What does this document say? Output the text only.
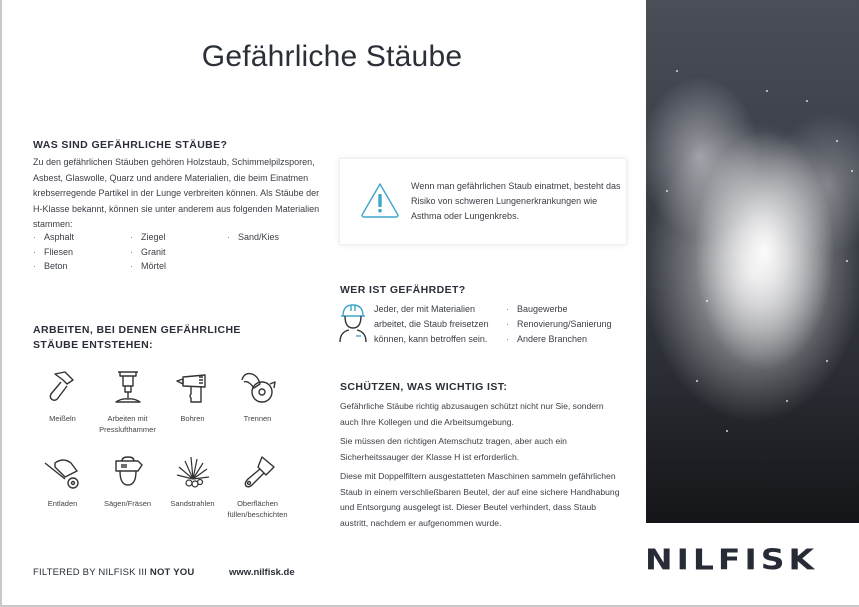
Gefährliche Stäube
WAS SIND GEFÄHRLICHE STÄUBE?
Zu den gefährlichen Stäuben gehören Holzstaub, Schimmelpilzsporen, Asbest, Glaswolle, Quarz und andere Materialien, die beim Einatmen krebserregende Partikel in der Lunge verbreiten können. Als Stäube der H-Klasse bekannt, können sie unter anderem aus folgenden Materialien stammen:
· Asphalt	· Ziegel	· Sand/Kies
· Fliesen	· Granit
· Beton	· Mörtel
ARBEITEN, BEI DENEN GEFÄHRLICHE STÄUBE ENTSTEHEN:
Meißeln	Arbeiten mit Presslufthammer
Bohren	Trennen
Entladen	Sägen/Fräsen	Sandstrahlen	Oberflächen füllen/beschichten
Wenn man gefährlichen Staub einatmet, besteht das Risiko von schweren Lungenerkrankungen wie Asthma oder Lungenkrebs.
WER IST GEFÄHRDET?
Jeder, der mit Materialien arbeitet, die Staub freisetzen können, kann betroffen sein.
· Baugewerbe
· Renovierung/Sanierung
· Andere Branchen
SCHÜTZEN, WAS WICHTIG IST:

Gefährliche Stäube richtig abzusaugen schützt nicht nur Sie, sondern auch Ihre Kollegen und die Arbeitsumgebung.

Sie müssen den richtigen Atemschutz tragen, aber auch ein Sicherheitssauger der Klasse H ist erforderlich.

Diese mit Doppelfiltern ausgestatteten Maschinen sammeln gefährlichen Staub in einem verschließbaren Beutel, der auf eine sichere Handhabung und Entsorgung ausgelegt ist. Dieser Beutel verhindert, dass Staub austritt, nachdem er aufgenommen wurde.

FILTERED BY NILFISK III NOT YOU	www.nilfisk.de	NILFISK
